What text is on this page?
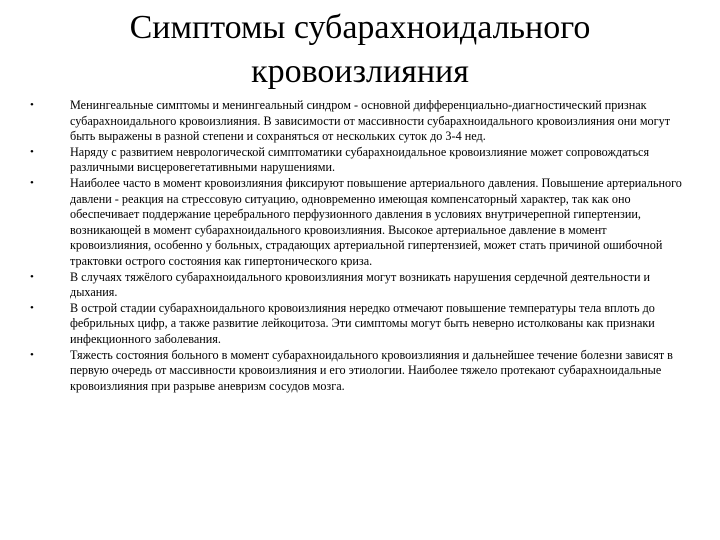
Симптомы субарахноидального
кровоизлияния
•	Менингеальные симптомы и менингеальный синдром - основной дифференциально-диагностический признак субарахноидального кровоизлияния. В зависимости от массивности субарахноидального кровоизлияния они могут быть выражены в разной степени и сохраняться от нескольких суток до 3-4 нед.
•	Наряду с развитием неврологической симптоматики субарахноидальное кровоизлияние может сопровождаться различными висцеровегетативными нарушениями.
•	Наиболее часто в момент кровоизлияния фиксируют повышение артериального давления. Повышение артериального давлени - реакция на стрессовую ситуацию, одновременно имеющая компенсаторный характер, так как оно обеспечивает поддержание церебрального перфузионного давления в условиях внутричерепной гипертензии, возникающей в момент субарахноидального кровоизлияния. Высокое артериальное давление в момент кровоизлияния, особенно у больных, страдающих артериальной гипертензией, может стать причиной ошибочной трактовки острого состояния как гипертонического криза.
•	В случаях тяжёлого субарахноидального кровоизлияния могут возникать нарушения сердечной деятельности и дыхания.
•	В острой стадии субарахноидального кровоизлияния нередко отмечают повышение температуры тела вплоть до фебрильных цифр, а также развитие лейкоцитоза. Эти симптомы могут быть неверно истолкованы как признаки инфекционного заболевания.
•	Тяжесть состояния больного в момент субарахноидального кровоизлияния и дальнейшее течение болезни зависят в первую очередь от массивности кровоизлияния и его этиологии. Наиболее тяжело протекают субарахноидальные кровоизлияния при разрыве аневризм сосудов мозга.
